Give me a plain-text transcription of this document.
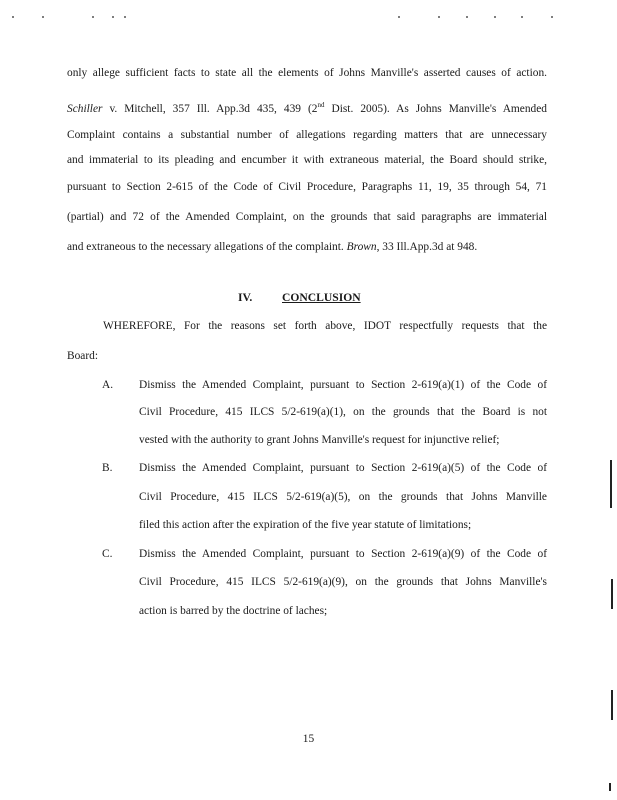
only allege sufficient facts to state all the elements of Johns Manville's asserted causes of action.
Schiller v. Mitchell, 357 Ill. App.3d 435, 439 (2nd Dist. 2005). As Johns Manville's Amended
Complaint contains a substantial number of allegations regarding matters that are unnecessary
and immaterial to its pleading and encumber it with extraneous material, the Board should strike,
pursuant to Section 2-615 of the Code of Civil Procedure, Paragraphs 11, 19, 35 through 54, 71
(partial) and 72 of the Amended Complaint, on the grounds that said paragraphs are immaterial
and extraneous to the necessary allegations of the complaint. Brown, 33 Ill.App.3d at 948.
IV.	CONCLUSION
WHEREFORE, For the reasons set forth above, IDOT respectfully requests that the
Board:
A. Dismiss the Amended Complaint, pursuant to Section 2-619(a)(1) of the Code of
Civil Procedure, 415 ILCS 5/2-619(a)(1), on the grounds that the Board is not
vested with the authority to grant Johns Manville's request for injunctive relief;
B. Dismiss the Amended Complaint, pursuant to Section 2-619(a)(5) of the Code of
Civil Procedure, 415 ILCS 5/2-619(a)(5), on the grounds that Johns Manville
filed this action after the expiration of the five year statute of limitations;
C. Dismiss the Amended Complaint, pursuant to Section 2-619(a)(9) of the Code of
Civil Procedure, 415 ILCS 5/2-619(a)(9), on the grounds that Johns Manville's
action is barred by the doctrine of laches;
15
